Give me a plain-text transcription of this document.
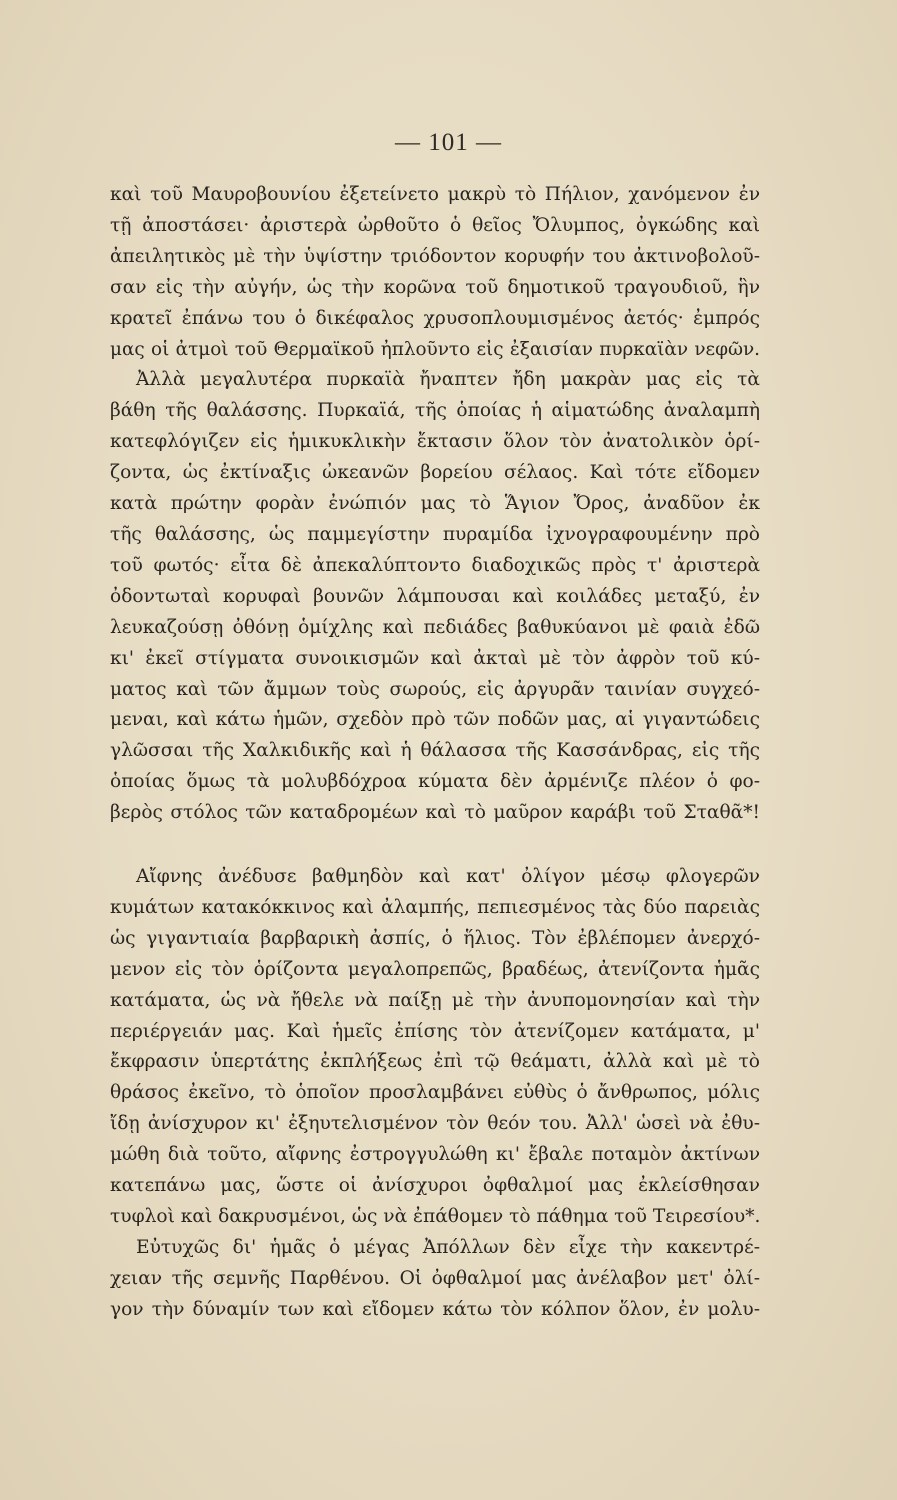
— 101 —
καὶ τοῦ Μαυροβουνίου ἐξετείνετο μακρὺ τὸ Πήλιον, χανόμενον ἐν
τῇ ἀποστάσει· ἀριστερὰ ὠρθοῦτο ὁ θεῖος Ὄλυμπος, ὀγκώδης καὶ
ἀπειλητικὸς μὲ τὴν ὑψίστην τριόδοντον κορυφήν του ἀκτινοβολοῦ-
σαν εἰς τὴν αὐγήν, ὡς τὴν κορῶνα τοῦ δημοτικοῦ τραγουδιοῦ, ἣν
κρατεῖ ἐπάνω του ὁ δικέφαλος χρυσοπλουμισμένος ἀετός· ἐμπρός
μας οἱ ἀτμοὶ τοῦ Θερμαϊκοῦ ἠπλοῦντο εἰς ἐξαισίαν πυρκαϊὰν νεφῶν.
Ἀλλὰ μεγαλυτέρα πυρκαϊὰ ἤναπτεν ἤδη μακρὰν μας εἰς τὰ
βάθη τῆς θαλάσσης. Πυρκαϊά, τῆς ὁποίας ἡ αἱματώδης ἀναλαμπὴ
κατεφλόγιζεν εἰς ἡμικυκλικὴν ἔκτασιν ὅλον τὸν ἀνατολικὸν ὁρί-
ζοντα, ὡς ἐκτίναξις ὠκεανῶν βορείου σέλαος. Καὶ τότε εἴδομεν
κατὰ πρώτην φορὰν ἐνώπιόν μας τὸ Ἅγιον Ὄρος, ἀναδῦον ἐκ
τῆς θαλάσσης, ὡς παμμεγίστην πυραμίδα ἰχνογραφουμένην πρὸ
τοῦ φωτός· εἶτα δὲ ἀπεκαλύπτοντο διαδοχικῶς πρὸς τ' ἀριστερὰ
ὀδοντωταὶ κορυφαὶ βουνῶν λάμπουσαι καὶ κοιλάδες μεταξύ, ἐν
λευκαζούσῃ ὀθόνῃ ὁμίχλης καὶ πεδιάδες βαθυκύανοι μὲ φαιὰ ἐδῶ
κι' ἐκεῖ στίγματα συνοικισμῶν καὶ ἀκταὶ μὲ τὸν ἀφρὸν τοῦ κύ-
ματος καὶ τῶν ἄμμων τοὺς σωρούς, εἰς ἀργυρᾶν ταινίαν συγχεό-
μεναι, καὶ κάτω ἡμῶν, σχεδὸν πρὸ τῶν ποδῶν μας, αἱ γιγαντώδεις
γλῶσσαι τῆς Χαλκιδικῆς καὶ ἡ θάλασσα τῆς Κασσάνδρας, εἰς τῆς
ὁποίας ὅμως τὰ μολυβδόχροα κύματα δὲν ἀρμένιζε πλέον ὁ φο-
βερὸς στόλος τῶν καταδρομέων καὶ τὸ μαῦρον καράβι τοῦ Σταθᾶ*!
Αἴφνης ἀνέδυσε βαθμηδὸν καὶ κατ' ὀλίγον μέσῳ φλογερῶν
κυμάτων κατακόκκινος καὶ ἀλαμπής, πεπιεσμένος τὰς δύο παρειὰς
ὡς γιγαντιαία βαρβαρικὴ ἀσπίς, ὁ ἥλιος. Τὸν ἐβλέπομεν ἀνερχό-
μενον εἰς τὸν ὁρίζοντα μεγαλοπρεπῶς, βραδέως, ἀτενίζοντα ἡμᾶς
κατάματα, ὡς νὰ ἤθελε νὰ παίξῃ μὲ τὴν ἀνυπομονησίαν καὶ τὴν
περιέργειάν μας. Καὶ ἡμεῖς ἐπίσης τὸν ἀτενίζομεν κατάματα, μ'
ἔκφρασιν ὑπερτάτης ἐκπλήξεως ἐπὶ τῷ θεάματι, ἀλλὰ καὶ μὲ τὸ
θράσος ἐκεῖνο, τὸ ὁποῖον προσλαμβάνει εὐθὺς ὁ ἄνθρωπος, μόλις
ἴδῃ ἀνίσχυρον κι' ἐξηυτελισμένον τὸν θεόν του. Ἀλλ' ὡσεὶ νὰ ἐθυ-
μώθη διὰ τοῦτο, αἴφνης ἐστρογγυλώθη κι' ἔβαλε ποταμὸν ἀκτίνων
κατεπάνω μας, ὥστε οἱ ἀνίσχυροι ὀφθαλμοί μας ἐκλείσθησαν
τυφλοὶ καὶ δακρυσμένοι, ὡς νὰ ἐπάθομεν τὸ πάθημα τοῦ Τειρεσίου*.
Εὐτυχῶς δι' ἡμᾶς ὁ μέγας Ἀπόλλων δὲν εἶχε τὴν κακεντρέ-
χειαν τῆς σεμνῆς Παρθένου. Οἱ ὀφθαλμοί μας ἀνέλαβον μετ' ὀλί-
γον τὴν δύναμίν των καὶ εἴδομεν κάτω τὸν κόλπον ὅλον, ἐν μολυ-
